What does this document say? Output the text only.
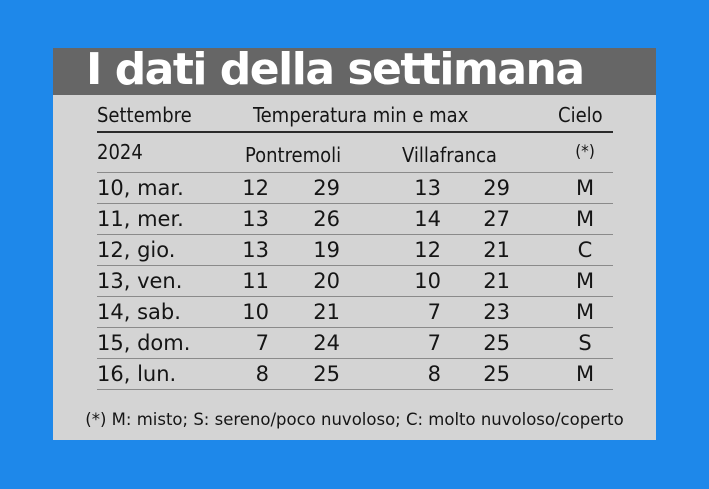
I dati della settimana
Settembre	Temperatura min e max	Cielo
2024	Pontremoli	Villafranca	(*)
10, mar.	12	29	13	29	M
11, mer.	13	26	14	27	M
12, gio.	13	19	12	21	C
13, ven.	11	20	10	21	M
14, sab.	10	21	7	23	M
15, dom.	7	24	7	25	S
16, lun.	8	25	8	25	M
(*) M: misto; S: sereno/poco nuvoloso; C: molto nuvoloso/coperto
